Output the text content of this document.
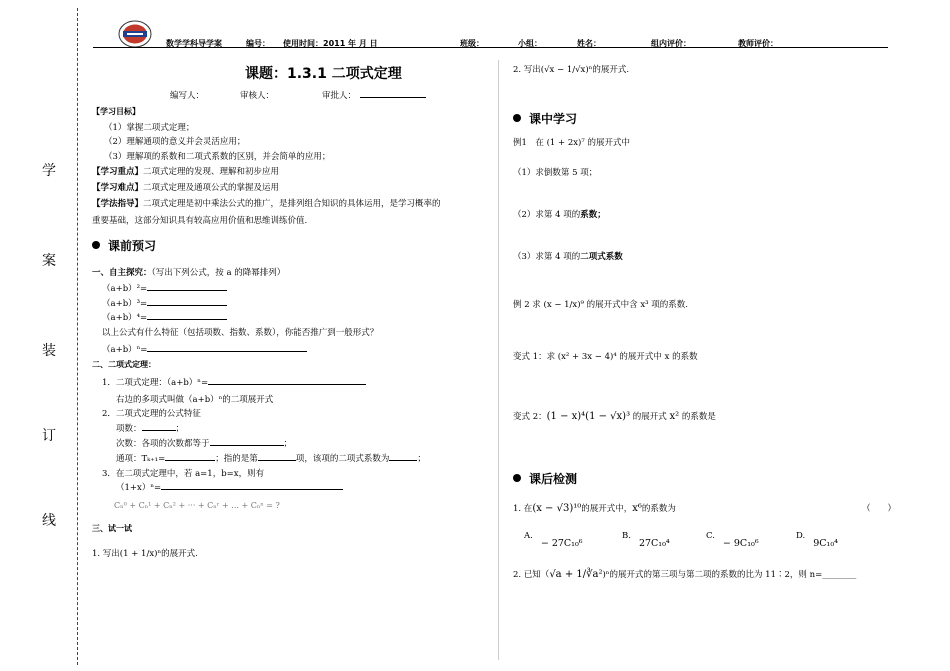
学
案
装
订
线
数学学科导学案	编号： 使用时间：2011 年 月 日	班级：	小组：	姓名：	组内评价：	教师评价：
课题：1.3.1 二项式定理
编写人：	审核人：	审批人：
【学习目标】
（1）掌握二项式定理；
（2）理解通项的意义并会灵活应用；
（3）理解项的系数和二项式系数的区别，并会简单的应用；
【学习重点】二项式定理的发现、理解和初步应用
【学习难点】二项式定理及通项公式的掌握及运用
【学法指导】二项式定理是初中乘法公式的推广，是排列组合知识的具体运用，是学习概率的
重要基础，这部分知识具有较高应用价值和思维训练价值.
课前预习
一、自主探究：（写出下列公式，按 a 的降幂排列）
（a+b）²=
（a+b）³=
（a+b）⁴=
以上公式有什么特征（包括项数、指数、系数），你能否推广到一般形式？
（a+b）ⁿ=
二、二项式定理：
1．二项式定理：（a+b）ⁿ=
右边的多项式叫做（a+b）ⁿ的二项展开式
2．二项式定理的公式特征
项数：	；
次数：各项的次数都等于	；
通项：Tₖ₊₁=	；指的是第	项，该项的二项式系数为	；
3．在二项式定理中，若 a=1，b=x，则有
（1+x）ⁿ=
Cₙ⁰ + Cₙ¹ + Cₙ² + ··· + Cₙʳ + ... + Cₙⁿ = ?
三、试一试
1. 写出(1 + 1/x)ⁿ的展开式.
2. 写出(√x − 1/√x)ⁿ的展开式.
课中学习
例1　在 (1 + 2x)⁷ 的展开式中
（1）求倒数第 5 项；
（2）求第 4 项的系数；
（3）求第 4 项的二项式系数
例 2 求 (x − 1/x)⁹ 的展开式中含 x³ 项的系数.
变式 1：求 (x² + 3x − 4)⁴ 的展开式中 x 的系数
变式 2：(1 − x)⁴(1 − √x)³ 的展开式 x² 的系数是
课后检测
1. 在(x − √3)¹⁰的展开式中，x⁶的系数为	（　　）
A.− 27C₁₀⁶
B.27C₁₀⁴
C.− 9C₁₀⁶
D.9C₁₀⁴
2. 已知（√a + 1/∛a²)ⁿ的展开式的第三项与第二项的系数的比为 11∶2，则 n=________
